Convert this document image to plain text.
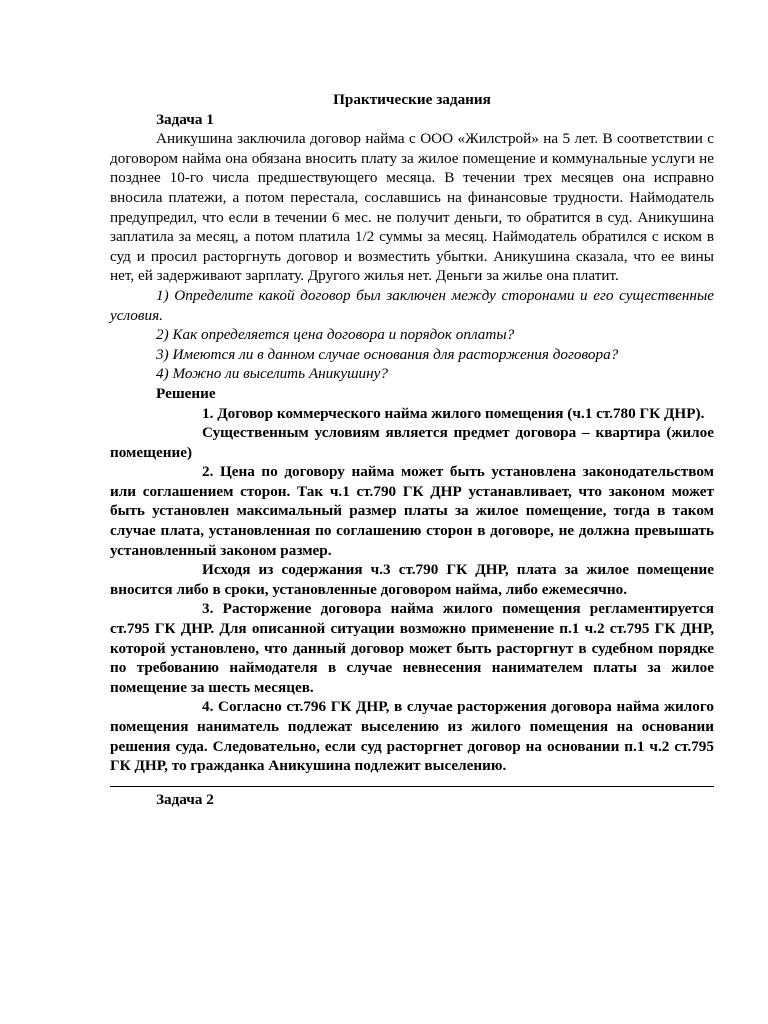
Практические задания

Задача 1

Аникушина заключила договор найма с ООО «Жилстрой» на 5 лет. В соответствии с договором найма она обязана вносить плату за жилое помещение и коммунальные услуги не позднее 10-го числа предшествующего месяца. В течении трех месяцев она исправно вносила платежи, а потом перестала, сославшись на финансовые трудности. Наймодатель предупредил, что если в течении 6 мес. не получит деньги, то обратится в суд. Аникушина заплатила за месяц, а потом платила 1/2 суммы за месяц. Наймодатель обратился с иском в суд и просил расторгнуть договор и возместить убытки. Аникушина сказала, что ее вины нет, ей задерживают зарплату. Другого жилья нет. Деньги за жилье она платит.

1) Определите какой договор был заключен между сторонами и его существенные условия.

2) Как определяется цена договора и порядок оплаты?

3) Имеются ли в данном случае основания для расторжения договора?

4) Можно ли выселить Аникушину?

Решение

1. Договор коммерческого найма жилого помещения (ч.1 ст.780 ГК ДНР).

Существенным условиям является предмет договора – квартира (жилое помещение)

2. Цена по договору найма может быть установлена законодательством или соглашением сторон. Так ч.1 ст.790 ГК ДНР устанавливает, что законом может быть установлен максимальный размер платы за жилое помещение, тогда в таком случае плата, установленная по соглашению сторон в договоре, не должна превышать установленный законом размер.

Исходя из содержания ч.3 ст.790 ГК ДНР, плата за жилое помещение вносится либо в сроки, установленные договором найма, либо ежемесячно.

3. Расторжение договора найма жилого помещения регламентируется ст.795 ГК ДНР. Для описанной ситуации возможно применение п.1 ч.2 ст.795 ГК ДНР, которой установлено, что данный договор может быть расторгнут в судебном порядке по требованию наймодателя в случае невнесения нанимателем платы за жилое помещение за шесть месяцев.

4. Согласно ст.796 ГК ДНР, в случае расторжения договора найма жилого помещения наниматель подлежат выселению из жилого помещения на основании решения суда. Следовательно, если суд расторгнет договор на основании п.1 ч.2 ст.795 ГК ДНР, то гражданка Аникушина подлежит выселению.

Задача 2
